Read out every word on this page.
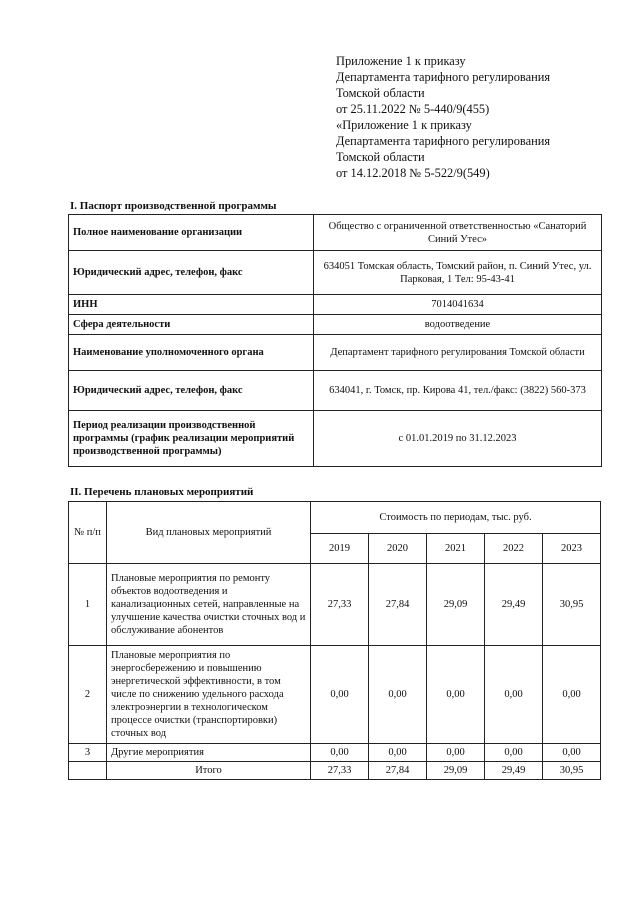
Приложение 1 к приказу
Департамента тарифного регулирования
Томской области
от 25.11.2022 № 5-440/9(455)
«Приложение 1 к приказу
Департамента тарифного регулирования
Томской области
от 14.12.2018 № 5-522/9(549)
I. Паспорт производственной программы
Полное наименование организации	Общество с ограниченной ответственностью «Санаторий Синий Утес»
Юридический адрес, телефон, факс	634051 Томская область, Томский район, п. Синий Утес, ул. Парковая, 1 Тел: 95-43-41
ИНН	7014041634
Сфера деятельности	водоотведение
Наименование уполномоченного органа	Департамент тарифного регулирования Томской области
Юридический адрес, телефон, факс	634041, г. Томск, пр. Кирова 41, тел./факс: (3822) 560-373
Период реализации производственной программы (график реализации мероприятий производственной программы)	с 01.01.2019 по 31.12.2023
II. Перечень плановых мероприятий
№ п/п	Вид плановых мероприятий	Стоимость по периодам, тыс. руб.				
		2019	2020	2021	2022	2023
1	Плановые мероприятия по ремонту объектов водоотведения и канализационных сетей, направленные на улучшение качества очистки сточных вод и обслуживание абонентов	27,33	27,84	29,09	29,49	30,95
2	Плановые мероприятия по энергосбережению и повышению энергетической эффективности, в том числе по снижению удельного расхода электроэнергии в технологическом процессе очистки (транспортировки) сточных вод	0,00	0,00	0,00	0,00	0,00
3	Другие мероприятия	0,00	0,00	0,00	0,00	0,00
	Итого	27,33	27,84	29,09	29,49	30,95
